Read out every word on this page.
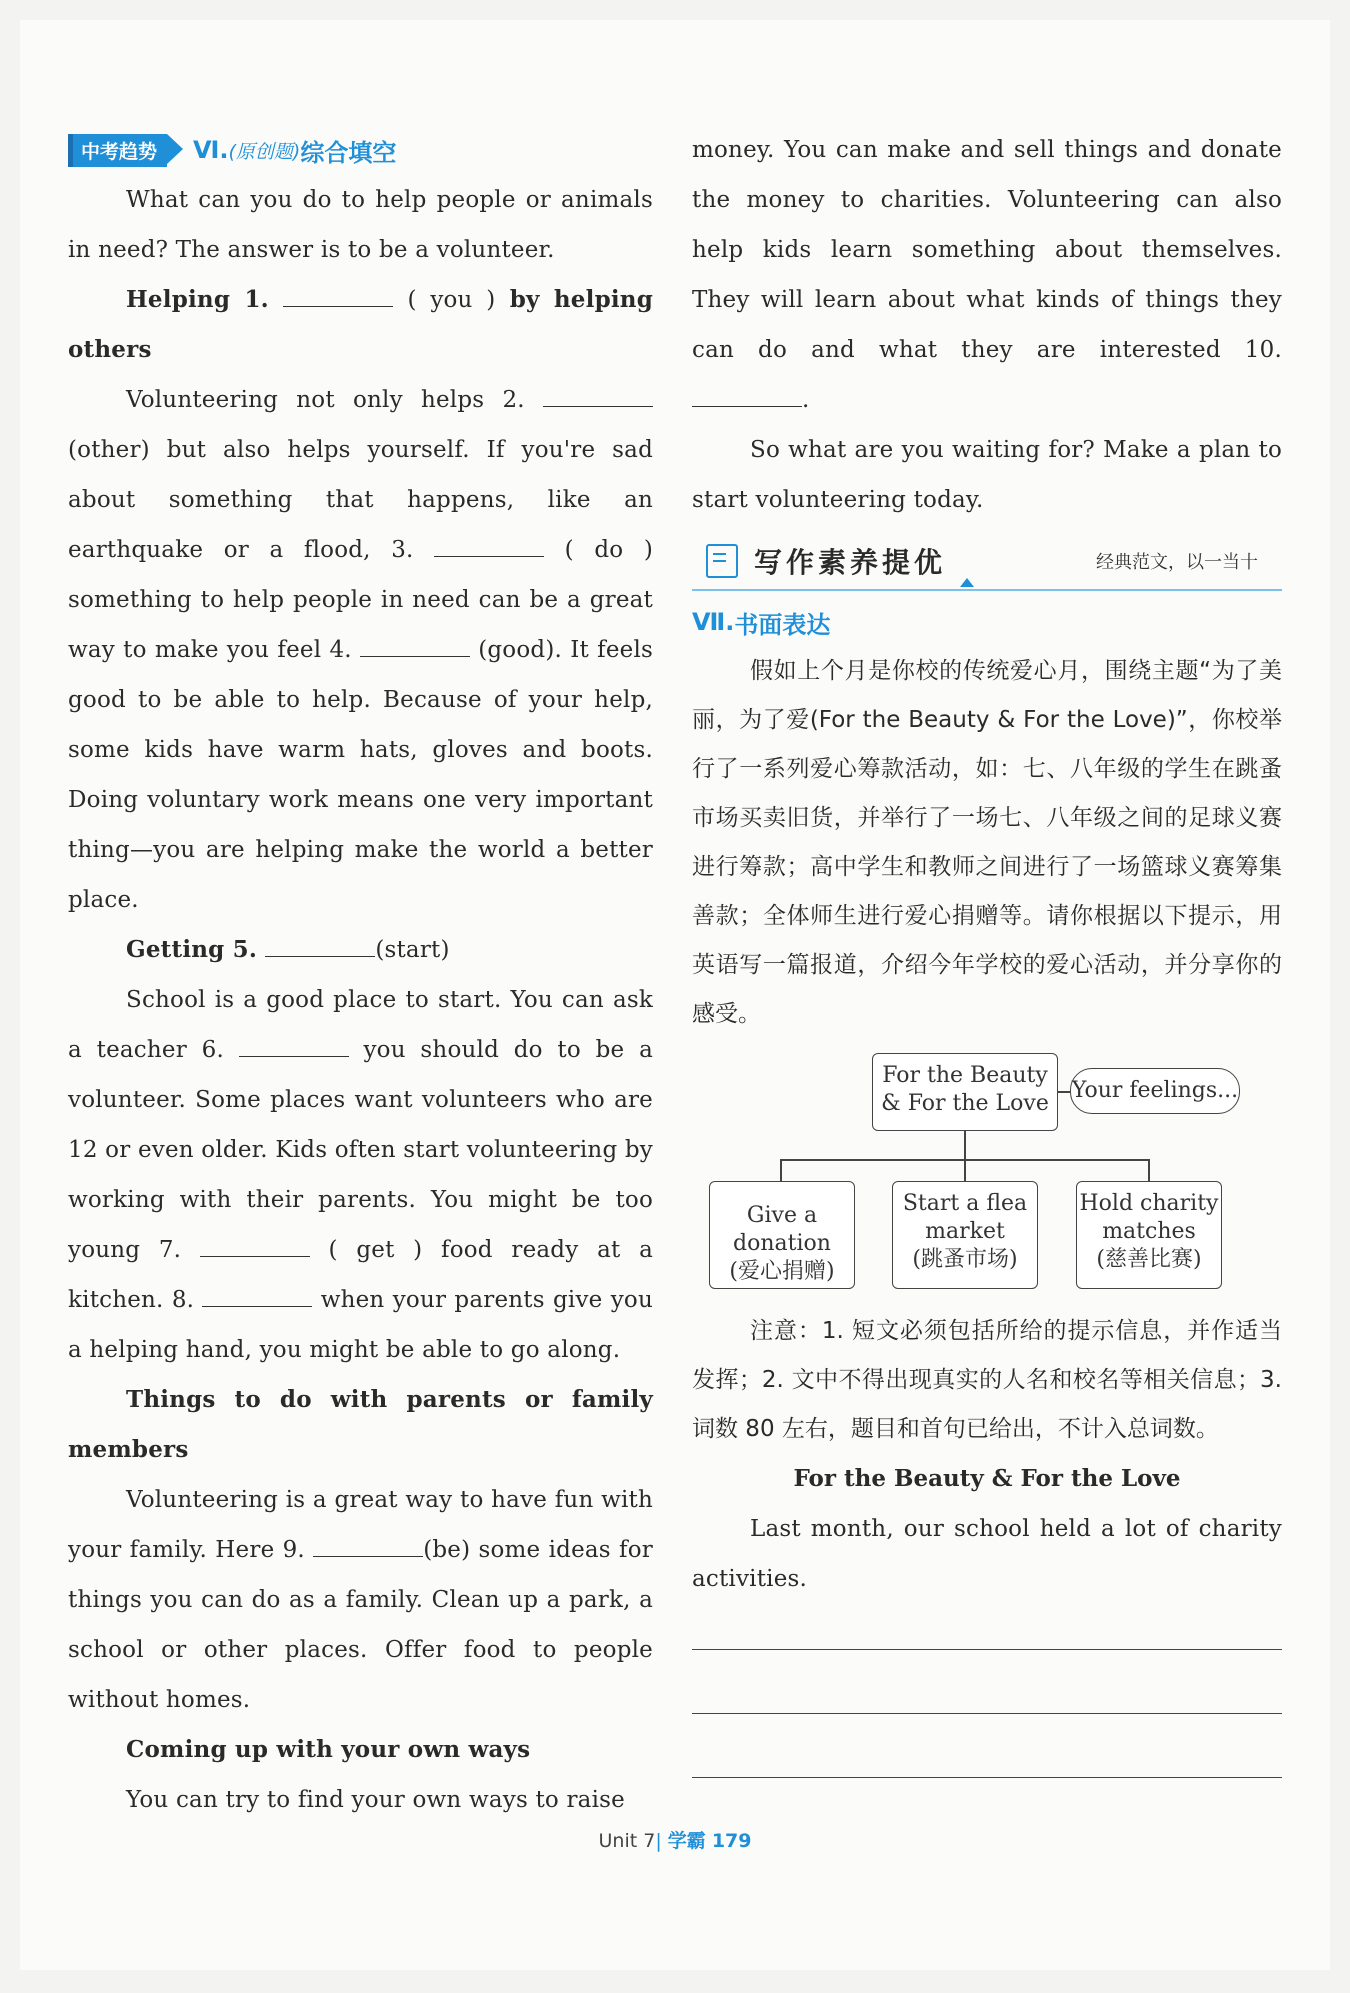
中考趋势	Ⅵ. (原创题) 综合填空

What can you do to help people or animals in need? The answer is to be a volunteer.

Helping 1.	( you ) by helping others

Volunteering not only helps 2. (other) but also helps yourself. If you're sad about something that happens, like an earthquake or a flood, 3.	( do ) something to help people in need can be a great way to make you feel 4.	(good). It feels good to be able to help. Because of your help, some kids have warm hats, gloves and boots. Doing voluntary work means one very important thing—you are helping make the world a better place.

Getting 5.	(start)

School is a good place to start. You can ask a teacher 6.	you should do to be a volunteer. Some places want volunteers who are 12 or even older. Kids often start volunteering by working with their parents. You might be too young 7.	( get ) food ready at a kitchen. 8.	when your parents give you a helping hand, you might be able to go along.

Things to do with parents or family members

Volunteering is a great way to have fun with your family. Here 9.	(be) some ideas for things you can do as a family. Clean up a park, a school or other places. Offer food to people without homes.

Coming up with your own ways

You can try to find your own ways to raise

money. You can make and sell things and donate the money to charities. Volunteering can also help kids learn something about themselves. They will learn about what kinds of things they can do and what they are interested 10. .

So what are you waiting for? Make a plan to start volunteering today.

写作素养提优	经典范文，以一当十
Ⅶ. 书面表达

假如上个月是你校的传统爱心月，围绕主题“为了美丽，为了爱(For the Beauty & For the Love)”，你校举行了一系列爱心筹款活动，如：七、八年级的学生在跳蚤市场买卖旧货，并举行了一场七、八年级之间的足球义赛进行筹款；高中学生和教师之间进行了一场篮球义赛筹集善款；全体师生进行爱心捐赠等。请你根据以下提示，用英语写一篇报道，介绍今年学校的爱心活动，并分享你的感受。

For the Beauty
& For the Love
Your feelings...
Give a donation
(爱心捐赠)
Start a flea
market
(跳蚤市场)
Hold charity
matches
(慈善比赛)

注意：1. 短文必须包括所给的提示信息，并作适当发挥；2. 文中不得出现真实的人名和校名等相关信息；3. 词数 80 左右，题目和首句已给出，不计入总词数。

For the Beauty & For the Love

Last month, our school held a lot of charity activities.

Unit 7| 学霸 179
